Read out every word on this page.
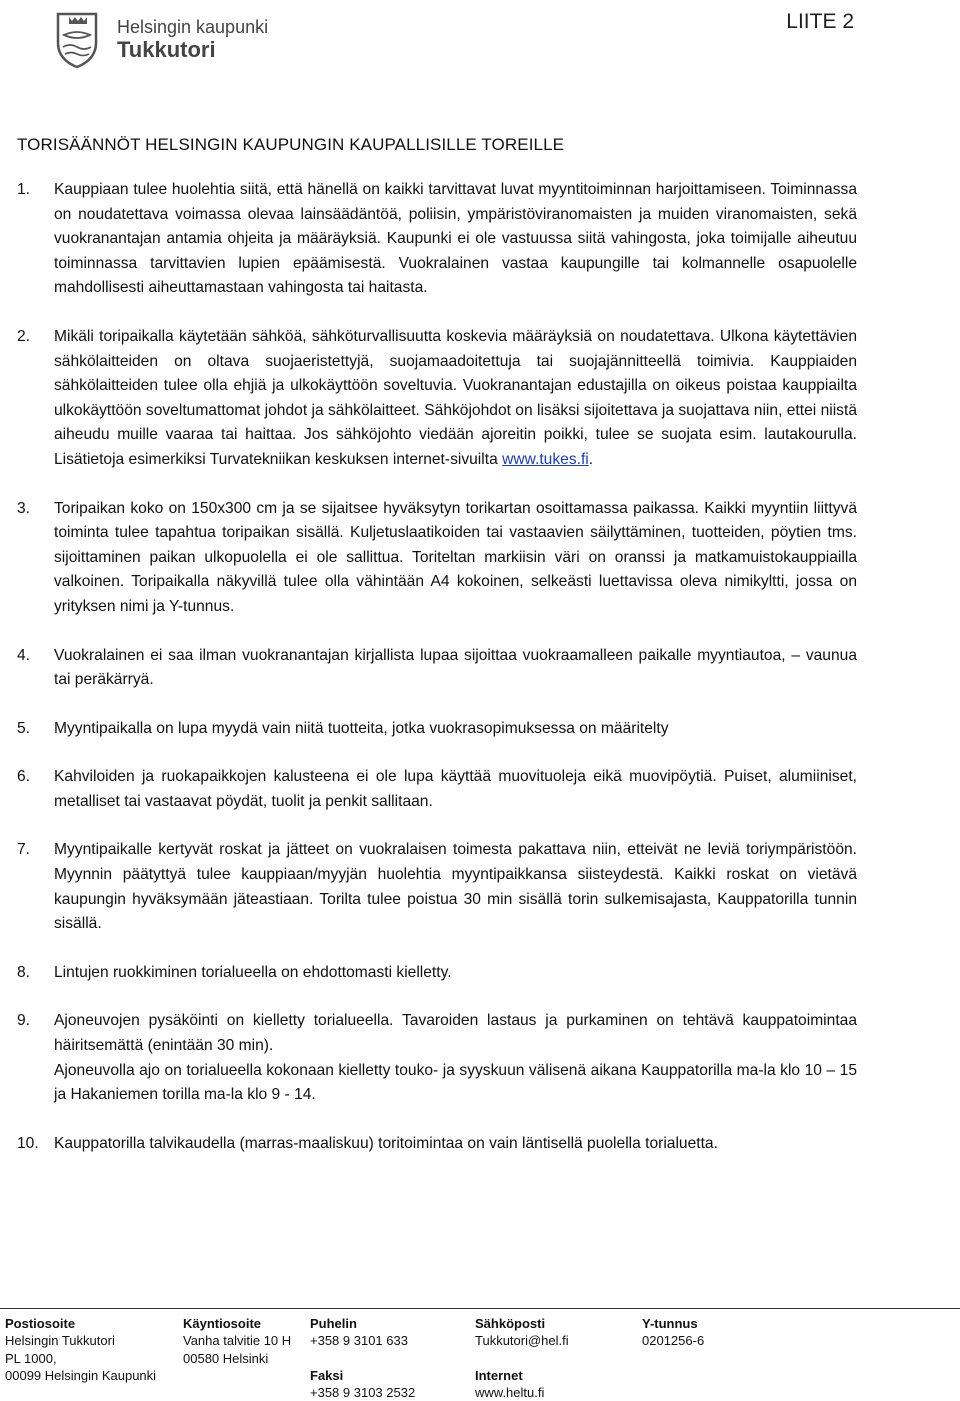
Helsingin kaupunki
Tukkutori
LIITE 2
TORISÄÄNNÖT HELSINGIN KAUPUNGIN KAUPALLISILLE TOREILLE
1.	Kauppiaan tulee huolehtia siitä, että hänellä on kaikki tarvittavat luvat myyntitoiminnan harjoittamiseen. Toiminnassa on noudatettava voimassa olevaa lainsäädäntöä, poliisin, ympäristöviranomaisten ja muiden viranomaisten, sekä vuokranantajan antamia ohjeita ja määräyksiä. Kaupunki ei ole vastuussa siitä vahingosta, joka toimijalle aiheutuu toiminnassa tarvittavien lupien epäämisestä. Vuokralainen vastaa kaupungille tai kolmannelle osapuolelle mahdollisesti aiheuttamastaan vahingosta tai haitasta.
2.	Mikäli toripaikalla käytetään sähköä, sähköturvallisuutta koskevia määräyksiä on noudatettava. Ulkona käytettävien sähkölaitteiden on oltava suojaeristettyjä, suojamaadoitettuja tai suojajännitteellä toimivia. Kauppiaiden sähkölaitteiden tulee olla ehjiä ja ulkokäyttöön soveltuvia. Vuokranantajan edustajilla on oikeus poistaa kauppiailta ulkokäyttöön soveltumattomat johdot ja sähkölaitteet. Sähköjohdot on lisäksi sijoitettava ja suojattava niin, ettei niistä aiheudu muille vaaraa tai haittaa. Jos sähköjohto viedään ajoreitin poikki, tulee se suojata esim. lautakourulla. Lisätietoja esimerkiksi Turvatekniikan keskuksen internet-sivuilta www.tukes.fi.
3.	Toripaikan koko on 150x300 cm ja se sijaitsee hyväksytyn torikartan osoittamassa paikassa. Kaikki myyntiin liittyvä toiminta tulee tapahtua toripaikan sisällä. Kuljetuslaatikoiden tai vastaavien säilyttäminen, tuotteiden, pöytien tms. sijoittaminen paikan ulkopuolella ei ole sallittua. Toriteltan markiisin väri on oranssi ja matkamuistokauppiailla valkoinen. Toripaikalla näkyvillä tulee olla vähintään A4 kokoinen, selkeästi luettavissa oleva nimikyltti, jossa on yrityksen nimi ja Y-tunnus.
4.	Vuokralainen ei saa ilman vuokranantajan kirjallista lupaa sijoittaa vuokraamalleen paikalle myyntiautoa, – vaunua tai peräkärryä.
5.	Myyntipaikalla on lupa myydä vain niitä tuotteita, jotka vuokrasopimuksessa on määritelty
6.	Kahviloiden ja ruokapaikkojen kalusteena ei ole lupa käyttää muovituoleja eikä muovipöytiä. Puiset, alumiiniset, metalliset tai vastaavat pöydät, tuolit ja penkit sallitaan.
7.	Myyntipaikalle kertyvät roskat ja jätteet on vuokralaisen toimesta pakattava niin, etteivät ne leviä toriympäristöön. Myynnin päätyttyä tulee kauppiaan/myyjän huolehtia myyntipaikkansa siisteydestä. Kaikki roskat on vietävä kaupungin hyväksymään jäteastiaan. Torilta tulee poistua 30 min sisällä torin sulkemisajasta, Kauppatorilla tunnin sisällä.
8.	Lintujen ruokkiminen torialueella on ehdottomasti kielletty.
9.	Ajoneuvojen pysäköinti on kielletty torialueella. Tavaroiden lastaus ja purkaminen on tehtävä kauppatoimintaa häiritsemättä (enintään 30 min).
Ajoneuvolla ajo on torialueella kokonaan kielletty touko- ja syyskuun välisenä aikana Kauppatorilla ma-la klo 10 – 15 ja Hakaniemen torilla ma-la klo 9 - 14.
10. Kauppatorilla talvikaudella (marras-maaliskuu) toritoimintaa on vain läntisellä puolella torialuetta.
Postiosoite
Helsingin Tukkutori
PL 1000,
00099 Helsingin Kaupunki
Käyntiosoite
Vanha talvitie 10 H
00580 Helsinki
Puhelin
+358 9 3101 633
Faksi
+358 9 3103 2532
Sähköposti
Tukkutori@hel.fi
Internet
www.heltu.fi
Y-tunnus
0201256-6
